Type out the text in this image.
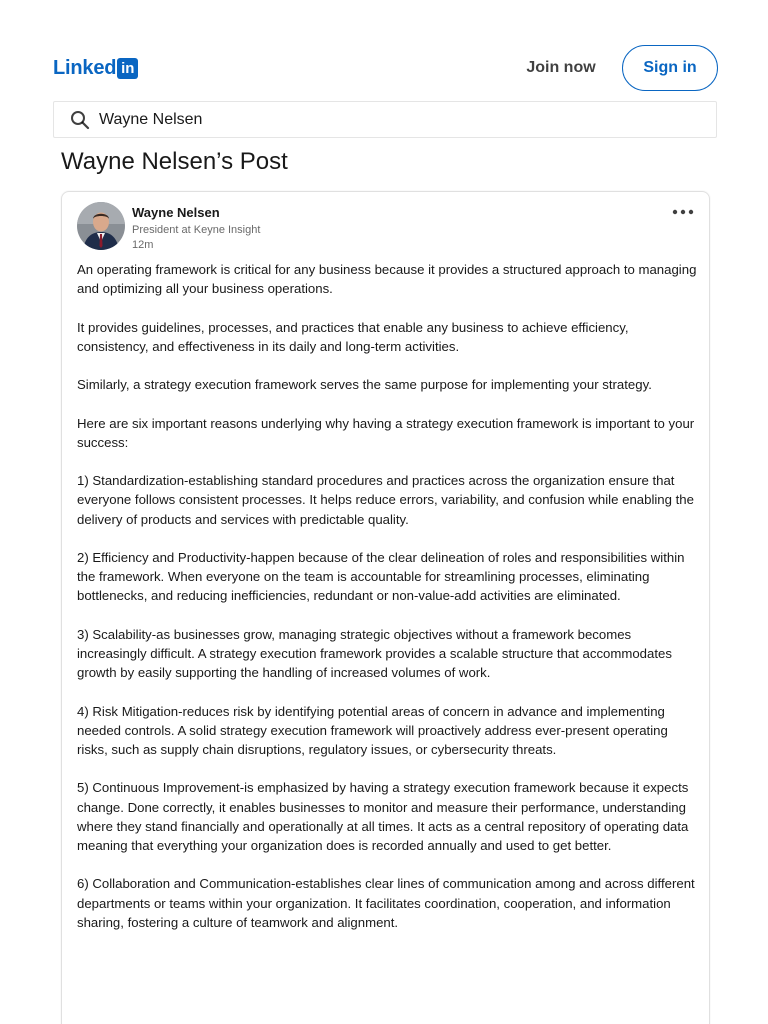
Linked in	Join now	Sign in
Wayne Nelsen
Wayne Nelsen’s Post
Wayne Nelsen
President at Keyne Insight
12m

An operating framework is critical for any business because it provides a structured approach to managing and optimizing all your business operations.

It provides guidelines, processes, and practices that enable any business to achieve efficiency, consistency, and effectiveness in its daily and long-term activities.

Similarly, a strategy execution framework serves the same purpose for implementing your strategy.

Here are six important reasons underlying why having a strategy execution framework is important to your success:

1) Standardization-establishing standard procedures and practices across the organization ensure that everyone follows consistent processes. It helps reduce errors, variability, and confusion while enabling the delivery of products and services with predictable quality.

2) Efficiency and Productivity-happen because of the clear delineation of roles and responsibilities within the framework. When everyone on the team is accountable for streamlining processes, eliminating bottlenecks, and reducing inefficiencies, redundant or non-value-add activities are eliminated.

3) Scalability-as businesses grow, managing strategic objectives without a framework becomes increasingly difficult. A strategy execution framework provides a scalable structure that accommodates growth by easily supporting the handling of increased volumes of work.

4) Risk Mitigation-reduces risk by identifying potential areas of concern in advance and implementing needed controls. A solid strategy execution framework will proactively address ever-present operating risks, such as supply chain disruptions, regulatory issues, or cybersecurity threats.

5) Continuous Improvement-is emphasized by having a strategy execution framework because it expects change. Done correctly, it enables businesses to monitor and measure their performance, understanding where they stand financially and operationally at all times. It acts as a central repository of operating data meaning that everything your organization does is recorded annually and used to get better.

6) Collaboration and Communication-establishes clear lines of communication among and across different departments or teams within your organization. It facilitates coordination, cooperation, and information sharing, fostering a culture of teamwork and alignment.
